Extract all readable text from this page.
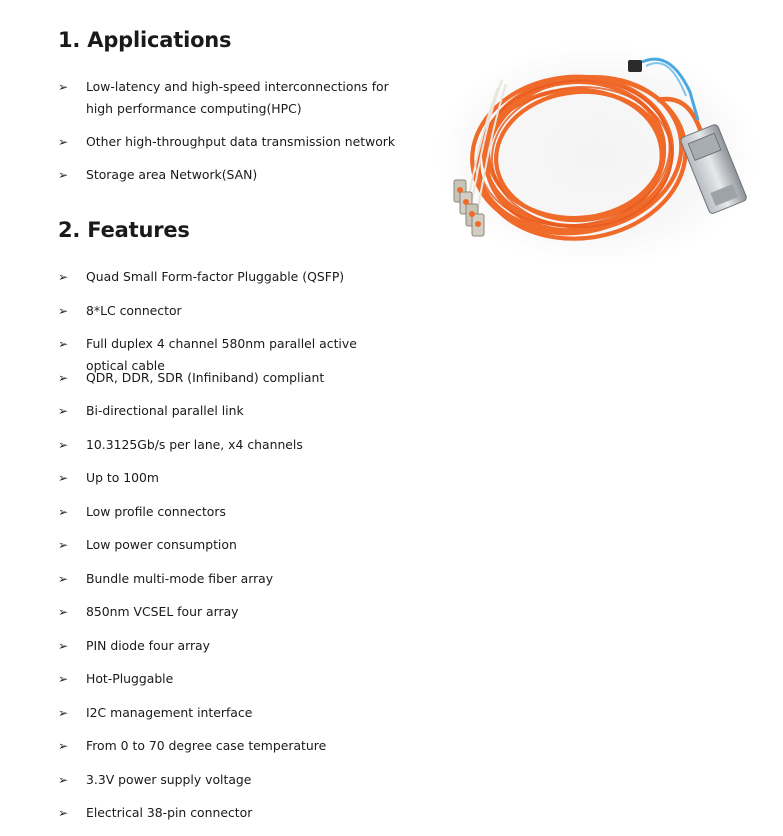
1. Applications
➢ Low-latency and high-speed interconnections for high performance computing(HPC)
➢ Other high-throughput data transmission network
➢ Storage area Network(SAN)
2. Features
➢ Quad Small Form-factor Pluggable (QSFP)
➢ 8*LC connector
➢ Full duplex 4 channel 580nm parallel active optical cable
➢ QDR, DDR, SDR (Infiniband) compliant
➢ Bi-directional parallel link
➢ 10.3125Gb/s per lane, x4 channels
➢ Up to 100m
➢ Low profile connectors
➢ Low power consumption
➢ Bundle multi-mode fiber array
➢ 850nm VCSEL four array
➢ PIN diode four array
➢ Hot-Pluggable
➢ I2C management interface
➢ From 0 to 70 degree case temperature
➢ 3.3V power supply voltage
➢ Electrical 38-pin connector
